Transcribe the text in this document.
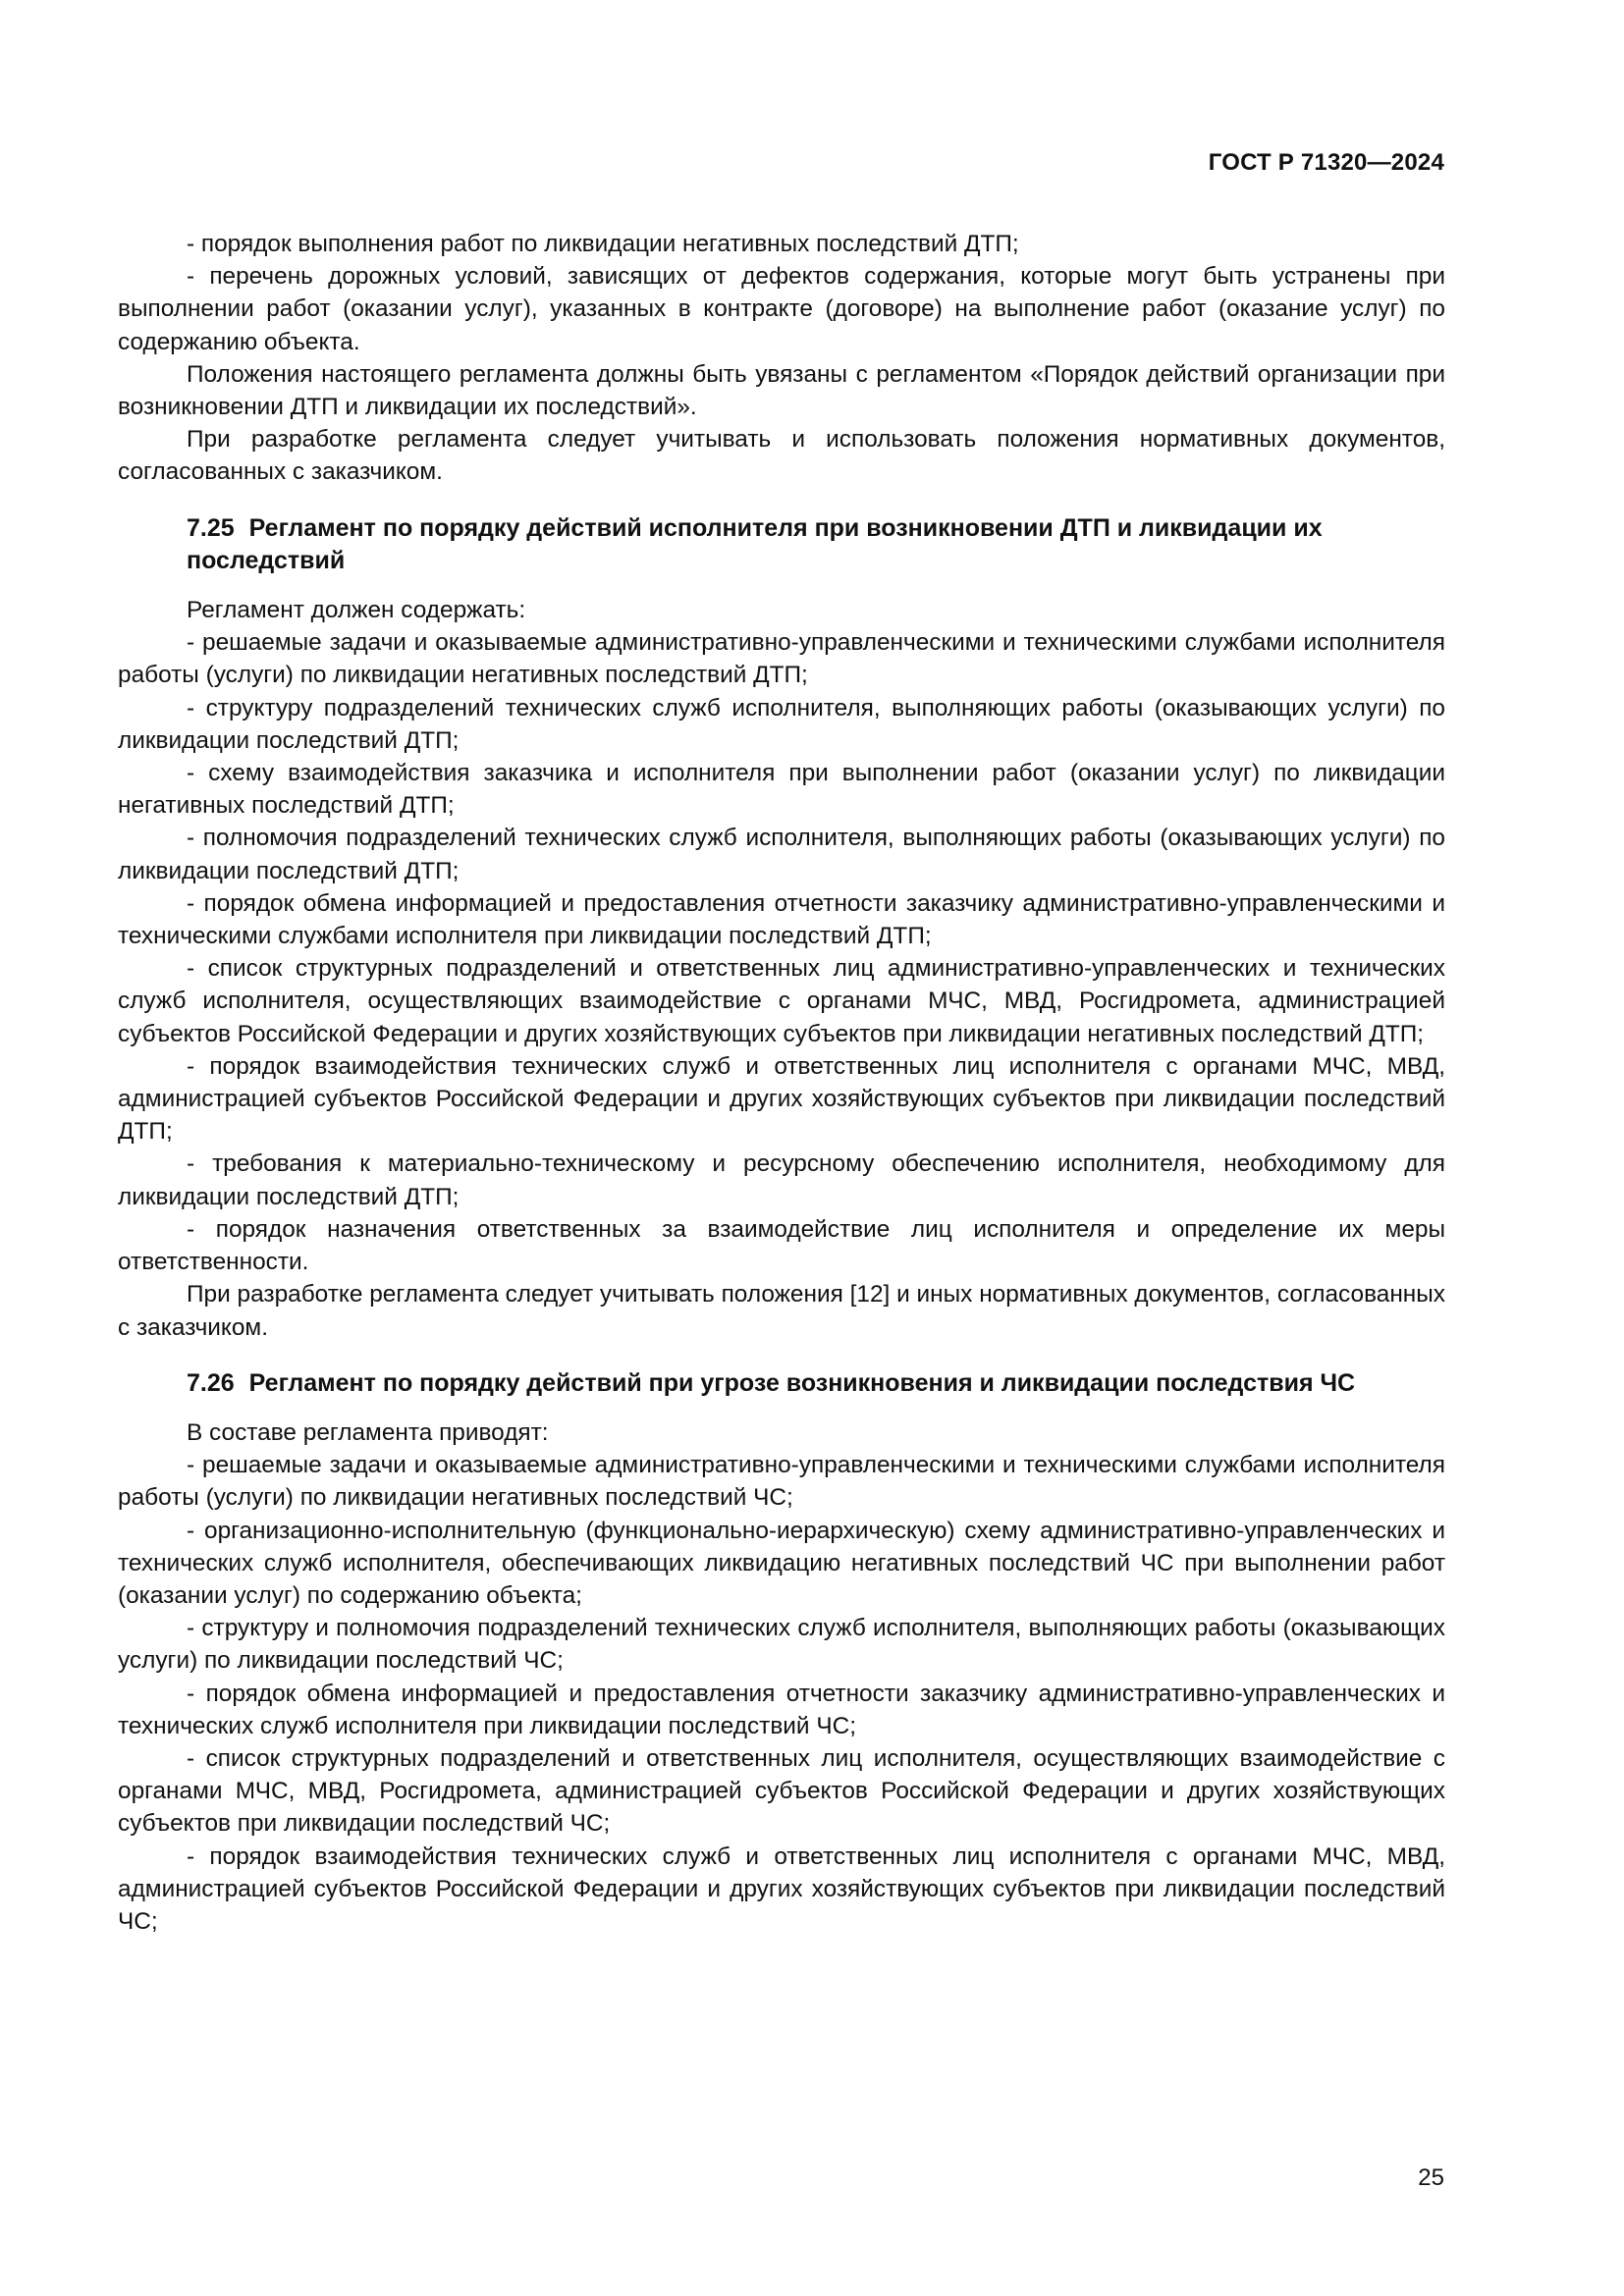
ГОСТ Р 71320—2024

- порядок выполнения работ по ликвидации негативных последствий ДТП;

- перечень дорожных условий, зависящих от дефектов содержания, которые могут быть устранены при выполнении работ (оказании услуг), указанных в контракте (договоре) на выполнение работ (оказание услуг) по содержанию объекта.

Положения настоящего регламента должны быть увязаны с регламентом «Порядок действий организации при возникновении ДТП и ликвидации их последствий».

При разработке регламента следует учитывать и использовать положения нормативных документов, согласованных с заказчиком.

7.25 Регламент по порядку действий исполнителя при возникновении ДТП и ликвидации их последствий

Регламент должен содержать:

- решаемые задачи и оказываемые административно-управленческими и техническими службами исполнителя работы (услуги) по ликвидации негативных последствий ДТП;

- структуру подразделений технических служб исполнителя, выполняющих работы (оказывающих услуги) по ликвидации последствий ДТП;

- схему взаимодействия заказчика и исполнителя при выполнении работ (оказании услуг) по ликвидации негативных последствий ДТП;

- полномочия подразделений технических служб исполнителя, выполняющих работы (оказывающих услуги) по ликвидации последствий ДТП;

- порядок обмена информацией и предоставления отчетности заказчику административно-управленческими и техническими службами исполнителя при ликвидации последствий ДТП;

- список структурных подразделений и ответственных лиц административно-управленческих и технических служб исполнителя, осуществляющих взаимодействие с органами МЧС, МВД, Росгидромета, администрацией субъектов Российской Федерации и других хозяйствующих субъектов при ликвидации негативных последствий ДТП;

- порядок взаимодействия технических служб и ответственных лиц исполнителя с органами МЧС, МВД, администрацией субъектов Российской Федерации и других хозяйствующих субъектов при ликвидации последствий ДТП;

- требования к материально-техническому и ресурсному обеспечению исполнителя, необходимому для ликвидации последствий ДТП;

- порядок назначения ответственных за взаимодействие лиц исполнителя и определение их меры ответственности.

При разработке регламента следует учитывать положения [12] и иных нормативных документов, согласованных с заказчиком.

7.26 Регламент по порядку действий при угрозе возникновения и ликвидации последствия ЧС

В составе регламента приводят:

- решаемые задачи и оказываемые административно-управленческими и техническими службами исполнителя работы (услуги) по ликвидации негативных последствий ЧС;

- организационно-исполнительную (функционально-иерархическую) схему административно-управленческих и технических служб исполнителя, обеспечивающих ликвидацию негативных последствий ЧС при выполнении работ (оказании услуг) по содержанию объекта;

- структуру и полномочия подразделений технических служб исполнителя, выполняющих работы (оказывающих услуги) по ликвидации последствий ЧС;

- порядок обмена информацией и предоставления отчетности заказчику административно-управленческих и технических служб исполнителя при ликвидации последствий ЧС;

- список структурных подразделений и ответственных лиц исполнителя, осуществляющих взаимодействие с органами МЧС, МВД, Росгидромета, администрацией субъектов Российской Федерации и других хозяйствующих субъектов при ликвидации последствий ЧС;

- порядок взаимодействия технических служб и ответственных лиц исполнителя с органами МЧС, МВД, администрацией субъектов Российской Федерации и других хозяйствующих субъектов при ликвидации последствий ЧС;

25
